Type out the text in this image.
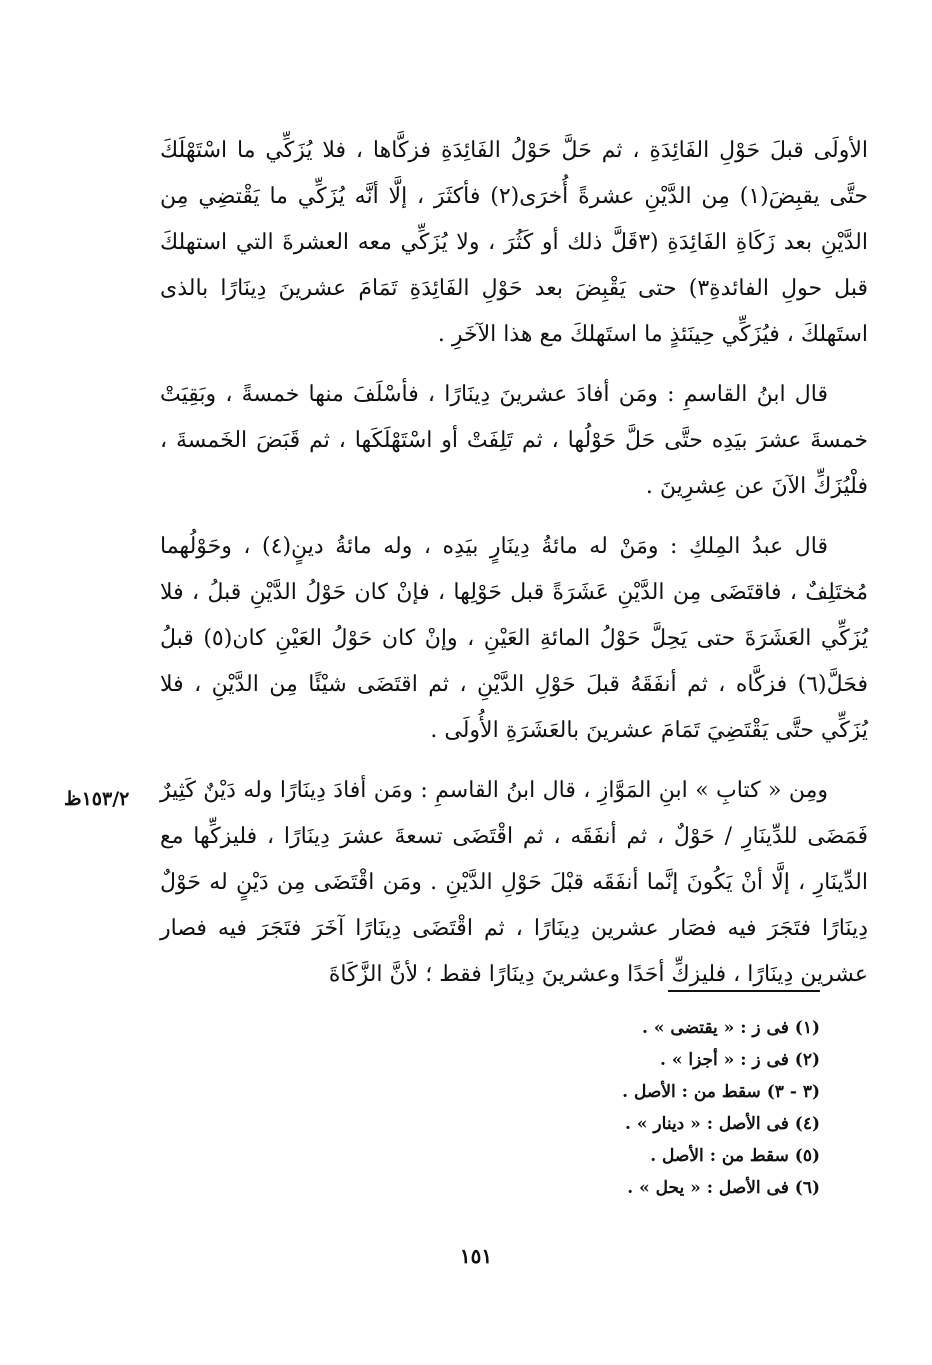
الأولَى قبلَ حَوْلِ الفَائِدَةِ ، ثم حَلَّ حَوْلُ الفَائِدَةِ فزكَّاها ، فلا يُزَكِّي ما اسْتَهْلَكَ حتَّى يقبِضَ(١) مِن الدَّيْنِ عشرةً أُخرَى(٢) فأكثَرَ ، إلَّا أنَّه يُزَكِّي ما يَقْتضِي مِن الدَّيْنِ بعد زَكَاةِ الفَائِدَةِ (٣قَلَّ ذلك أو كَثُرَ ، ولا يُزَكِّي معه العشرةَ التي استهلكَ قبل حولِ الفائدةِ٣) حتى يَقْبِضَ بعد حَوْلِ الفَائِدَةِ تَمَامَ عشرينَ دِينَارًا بالذى استَهلكَ ، فيُزَكِّي حِينَئذٍ ما استَهلكَ مع هذا الآخَرِ .

قال ابنُ القاسمِ : ومَن أفادَ عشرينَ دِينَارًا ، فأسْلَفَ منها خمسةً ، وبَقِيَتْ خمسةَ عشرَ بيَدِه حتَّى حَلَّ حَوْلُها ، ثم تَلِفَتْ أو اسْتَهْلَكَها ، ثم قَبَضَ الخَمسةَ ، فلْيُزَكِّ الآنَ عن عِشرِينَ .

قال عبدُ المِلكِ : ومَنْ له مائةُ دِينَارٍ بيَدِه ، وله مائةُ دينٍ(٤) ، وحَوْلُهما مُختَلِفٌ ، فاقتَضَى مِن الدَّيْنِ عَشَرَةً قبل حَوْلِها ، فإنْ كان حَوْلُ الدَّيْنِ قبلُ ، فلا يُزَكِّي العَشَرَةَ حتى يَحِلَّ حَوْلُ المائةِ العَيْنِ ، وإنْ كان حَوْلُ العَيْنِ كان(٥) قبلُ فحَلَّ(٦) فزكَّاه ، ثم أنفَقَهُ قبلَ حَوْلِ الدَّيْنِ ، ثم اقتَضَى شيْئًا مِن الدَّيْنِ ، فلا يُزَكِّي حتَّى يَقْتَضِيَ تَمَامَ عشرينَ بالعَشَرَةِ الأُولَى .

ومِن « كتابِ » ابنِ المَوَّازِ ، قال ابنُ القاسمِ : ومَن أفادَ دِينَارًا وله دَيْنٌ كَثِيرٌ فَمَضَى للدِّينَارِ / حَوْلٌ ، ثم أنفَقَه ، ثم اقْتَضَى تسعةَ عشرَ دِينَارًا ، فليزكِّها مع الدِّينَارِ ، إلَّا أنْ يَكُونَ إنَّما أنفَقَه قبْلَ حَوْلِ الدَّيْنِ . ومَن اقْتَضَى مِن دَيْنٍ له حَوْلٌ دِينَارًا فتَجَرَ فيه فصَار عشرين دِينَارًا ، ثم اقْتَضَى دِينَارًا آخَرَ فتَجَرَ فيه فصار عشرين دِينَارًا ، فليزكِّ أحَدًا وعشرينَ دِينَارًا فقط ؛ لأنَّ الزَّكَاةَ

١٥٣/٢ظ
(١) فى ز : « يقتضى » .
(٢) فى ز : « أجزا » .
(٣ - ٣) سقط من : الأصل .
(٤) فى الأصل : « دينار » .
(٥) سقط من : الأصل .
(٦) فى الأصل : « يحل » .
١٥١
